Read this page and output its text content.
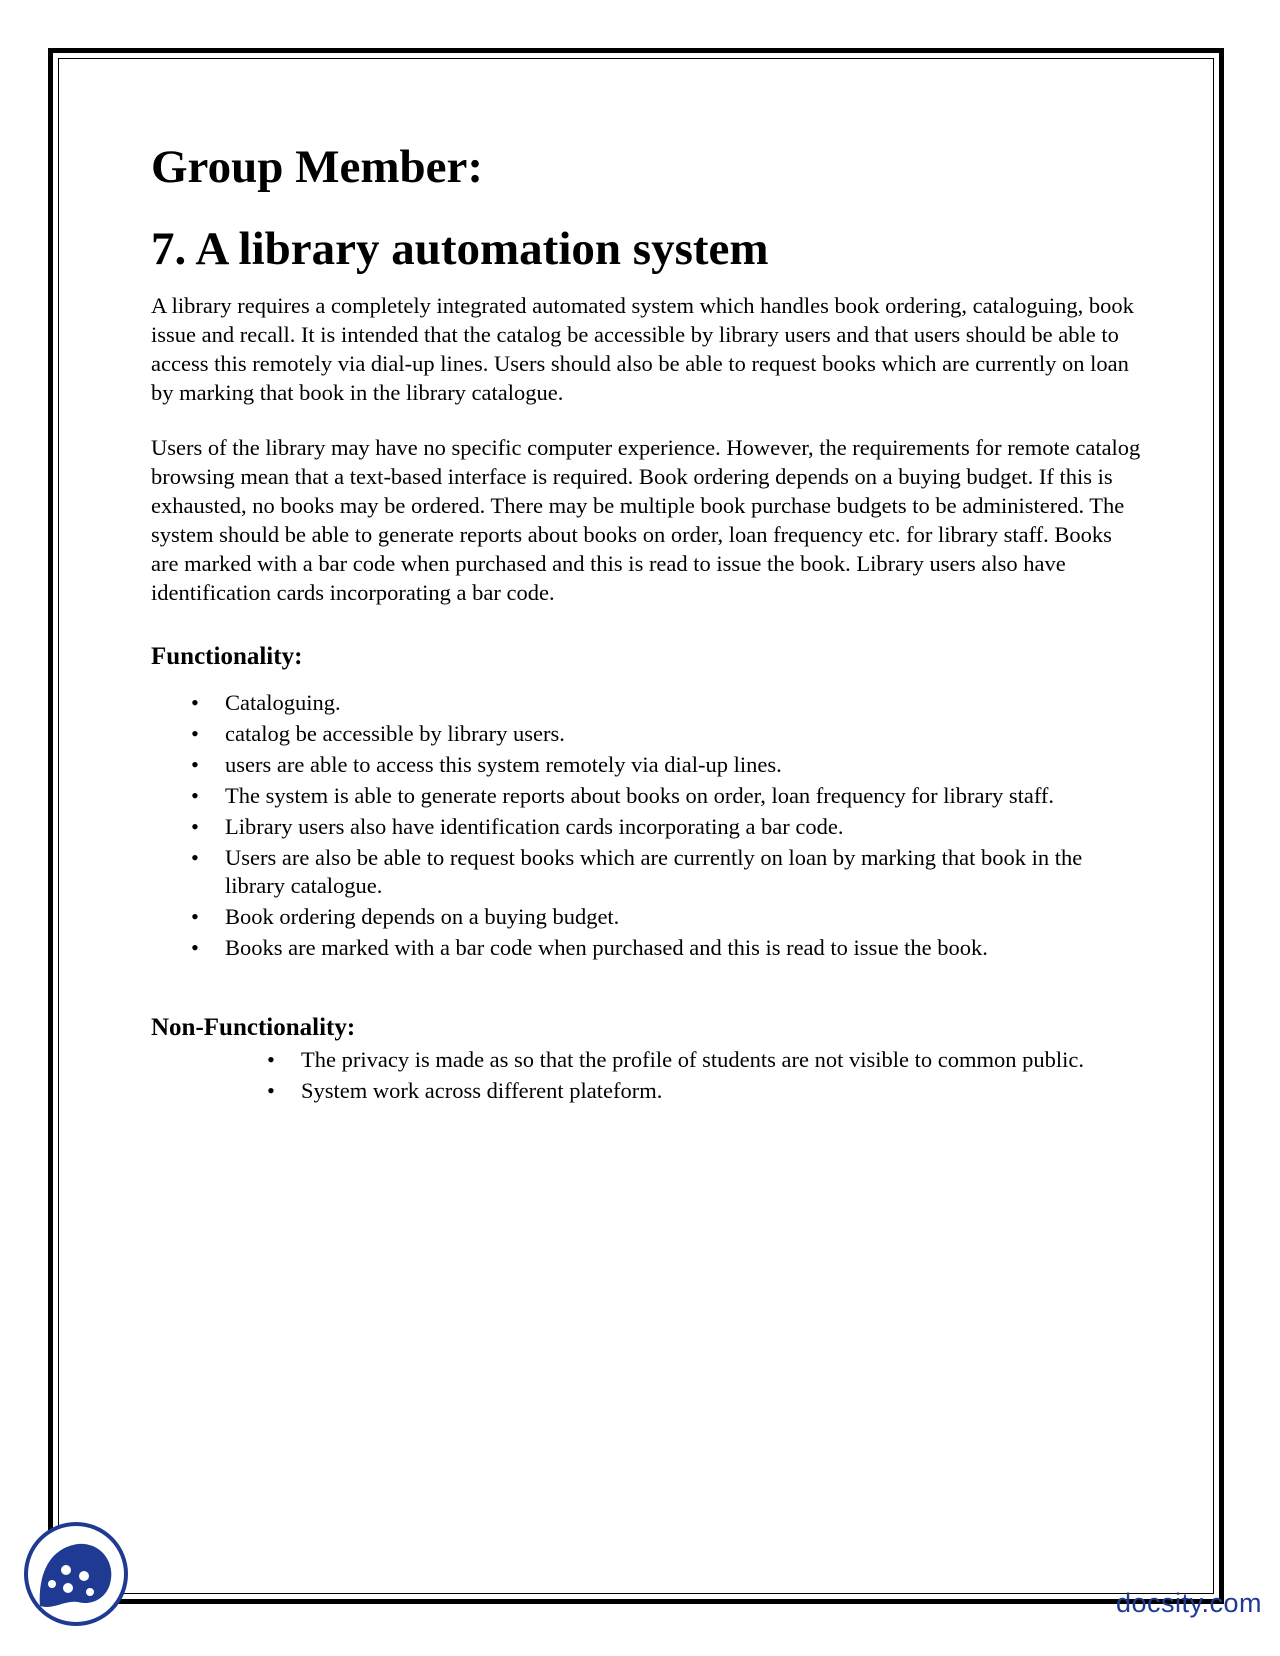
Group Member:
7. A library automation system

A library requires a completely integrated automated system which handles book ordering, cataloguing, book issue and recall. It is intended that the catalog be accessible by library users and that users should be able to access this remotely via dial-up lines. Users should also be able to request books which are currently on loan by marking that book in the library catalogue.

Users of the library may have no specific computer experience. However, the requirements for remote catalog browsing mean that a text-based interface is required. Book ordering depends on a buying budget. If this is exhausted, no books may be ordered. There may be multiple book purchase budgets to be administered. The system should be able to generate reports about books on order, loan frequency etc. for library staff. Books are marked with a bar code when purchased and this is read to issue the book. Library users also have identification cards incorporating a bar code.

Functionality:
• Cataloguing.
• catalog be accessible by library users.
• users are able to access this system remotely via dial-up lines.
• The system is able to generate reports about books on order, loan frequency for library staff.
• Library users also have identification cards incorporating a bar code.
• Users are also be able to request books which are currently on loan by marking that book in the library catalogue.
• Book ordering depends on a buying budget.
• Books are marked with a bar code when purchased and this is read to issue the book.
Non-Functionality:
• The privacy is made as so that the profile of students are not visible to common public.
• System work across different plateform.
docsity.com
